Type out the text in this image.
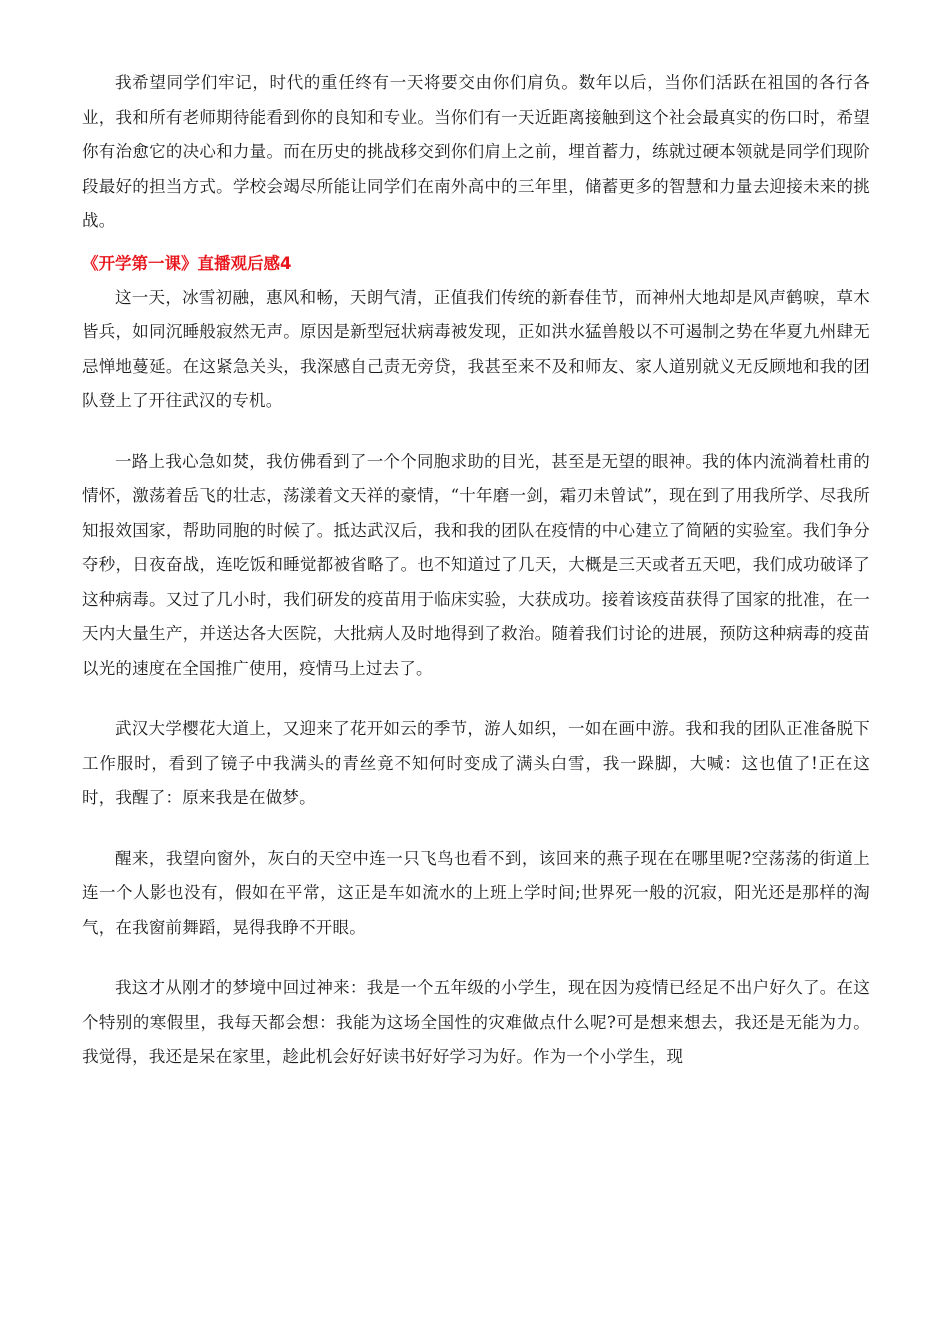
我希望同学们牢记，时代的重任终有一天将要交由你们肩负。数年以后，当你们活跃在祖国的各行各业，我和所有老师期待能看到你的良知和专业。当你们有一天近距离接触到这个社会最真实的伤口时，希望你有治愈它的决心和力量。而在历史的挑战移交到你们肩上之前，埋首蓄力，练就过硬本领就是同学们现阶段最好的担当方式。学校会竭尽所能让同学们在南外高中的三年里，储蓄更多的智慧和力量去迎接未来的挑战。

《开学第一课》直播观后感4

这一天，冰雪初融，惠风和畅，天朗气清，正值我们传统的新春佳节，而神州大地却是风声鹤唳，草木皆兵，如同沉睡般寂然无声。原因是新型冠状病毒被发现，正如洪水猛兽般以不可遏制之势在华夏九州肆无忌惮地蔓延。在这紧急关头，我深感自己责无旁贷，我甚至来不及和师友、家人道别就义无反顾地和我的团队登上了开往武汉的专机。

一路上我心急如焚，我仿佛看到了一个个同胞求助的目光，甚至是无望的眼神。我的体内流淌着杜甫的情怀，激荡着岳飞的壮志，荡漾着文天祥的豪情，“十年磨一剑，霜刃未曾试”，现在到了用我所学、尽我所知报效国家，帮助同胞的时候了。抵达武汉后，我和我的团队在疫情的中心建立了简陋的实验室。我们争分夺秒，日夜奋战，连吃饭和睡觉都被省略了。也不知道过了几天，大概是三天或者五天吧，我们成功破译了这种病毒。又过了几小时，我们研发的疫苗用于临床实验，大获成功。接着该疫苗获得了国家的批准，在一天内大量生产，并送达各大医院，大批病人及时地得到了救治。随着我们讨论的进展，预防这种病毒的疫苗以光的速度在全国推广使用，疫情马上过去了。

武汉大学樱花大道上，又迎来了花开如云的季节，游人如织，一如在画中游。我和我的团队正准备脱下工作服时，看到了镜子中我满头的青丝竟不知何时变成了满头白雪，我一跺脚，大喊：这也值了!正在这时，我醒了：原来我是在做梦。

醒来，我望向窗外，灰白的天空中连一只飞鸟也看不到，该回来的燕子现在在哪里呢?空荡荡的街道上连一个人影也没有，假如在平常，这正是车如流水的上班上学时间;世界死一般的沉寂，阳光还是那样的淘气，在我窗前舞蹈，晃得我睁不开眼。

我这才从刚才的梦境中回过神来：我是一个五年级的小学生，现在因为疫情已经足不出户好久了。在这个特别的寒假里，我每天都会想：我能为这场全国性的灾难做点什么呢?可是想来想去，我还是无能为力。我觉得，我还是呆在家里，趁此机会好好读书好好学习为好。作为一个小学生，现
